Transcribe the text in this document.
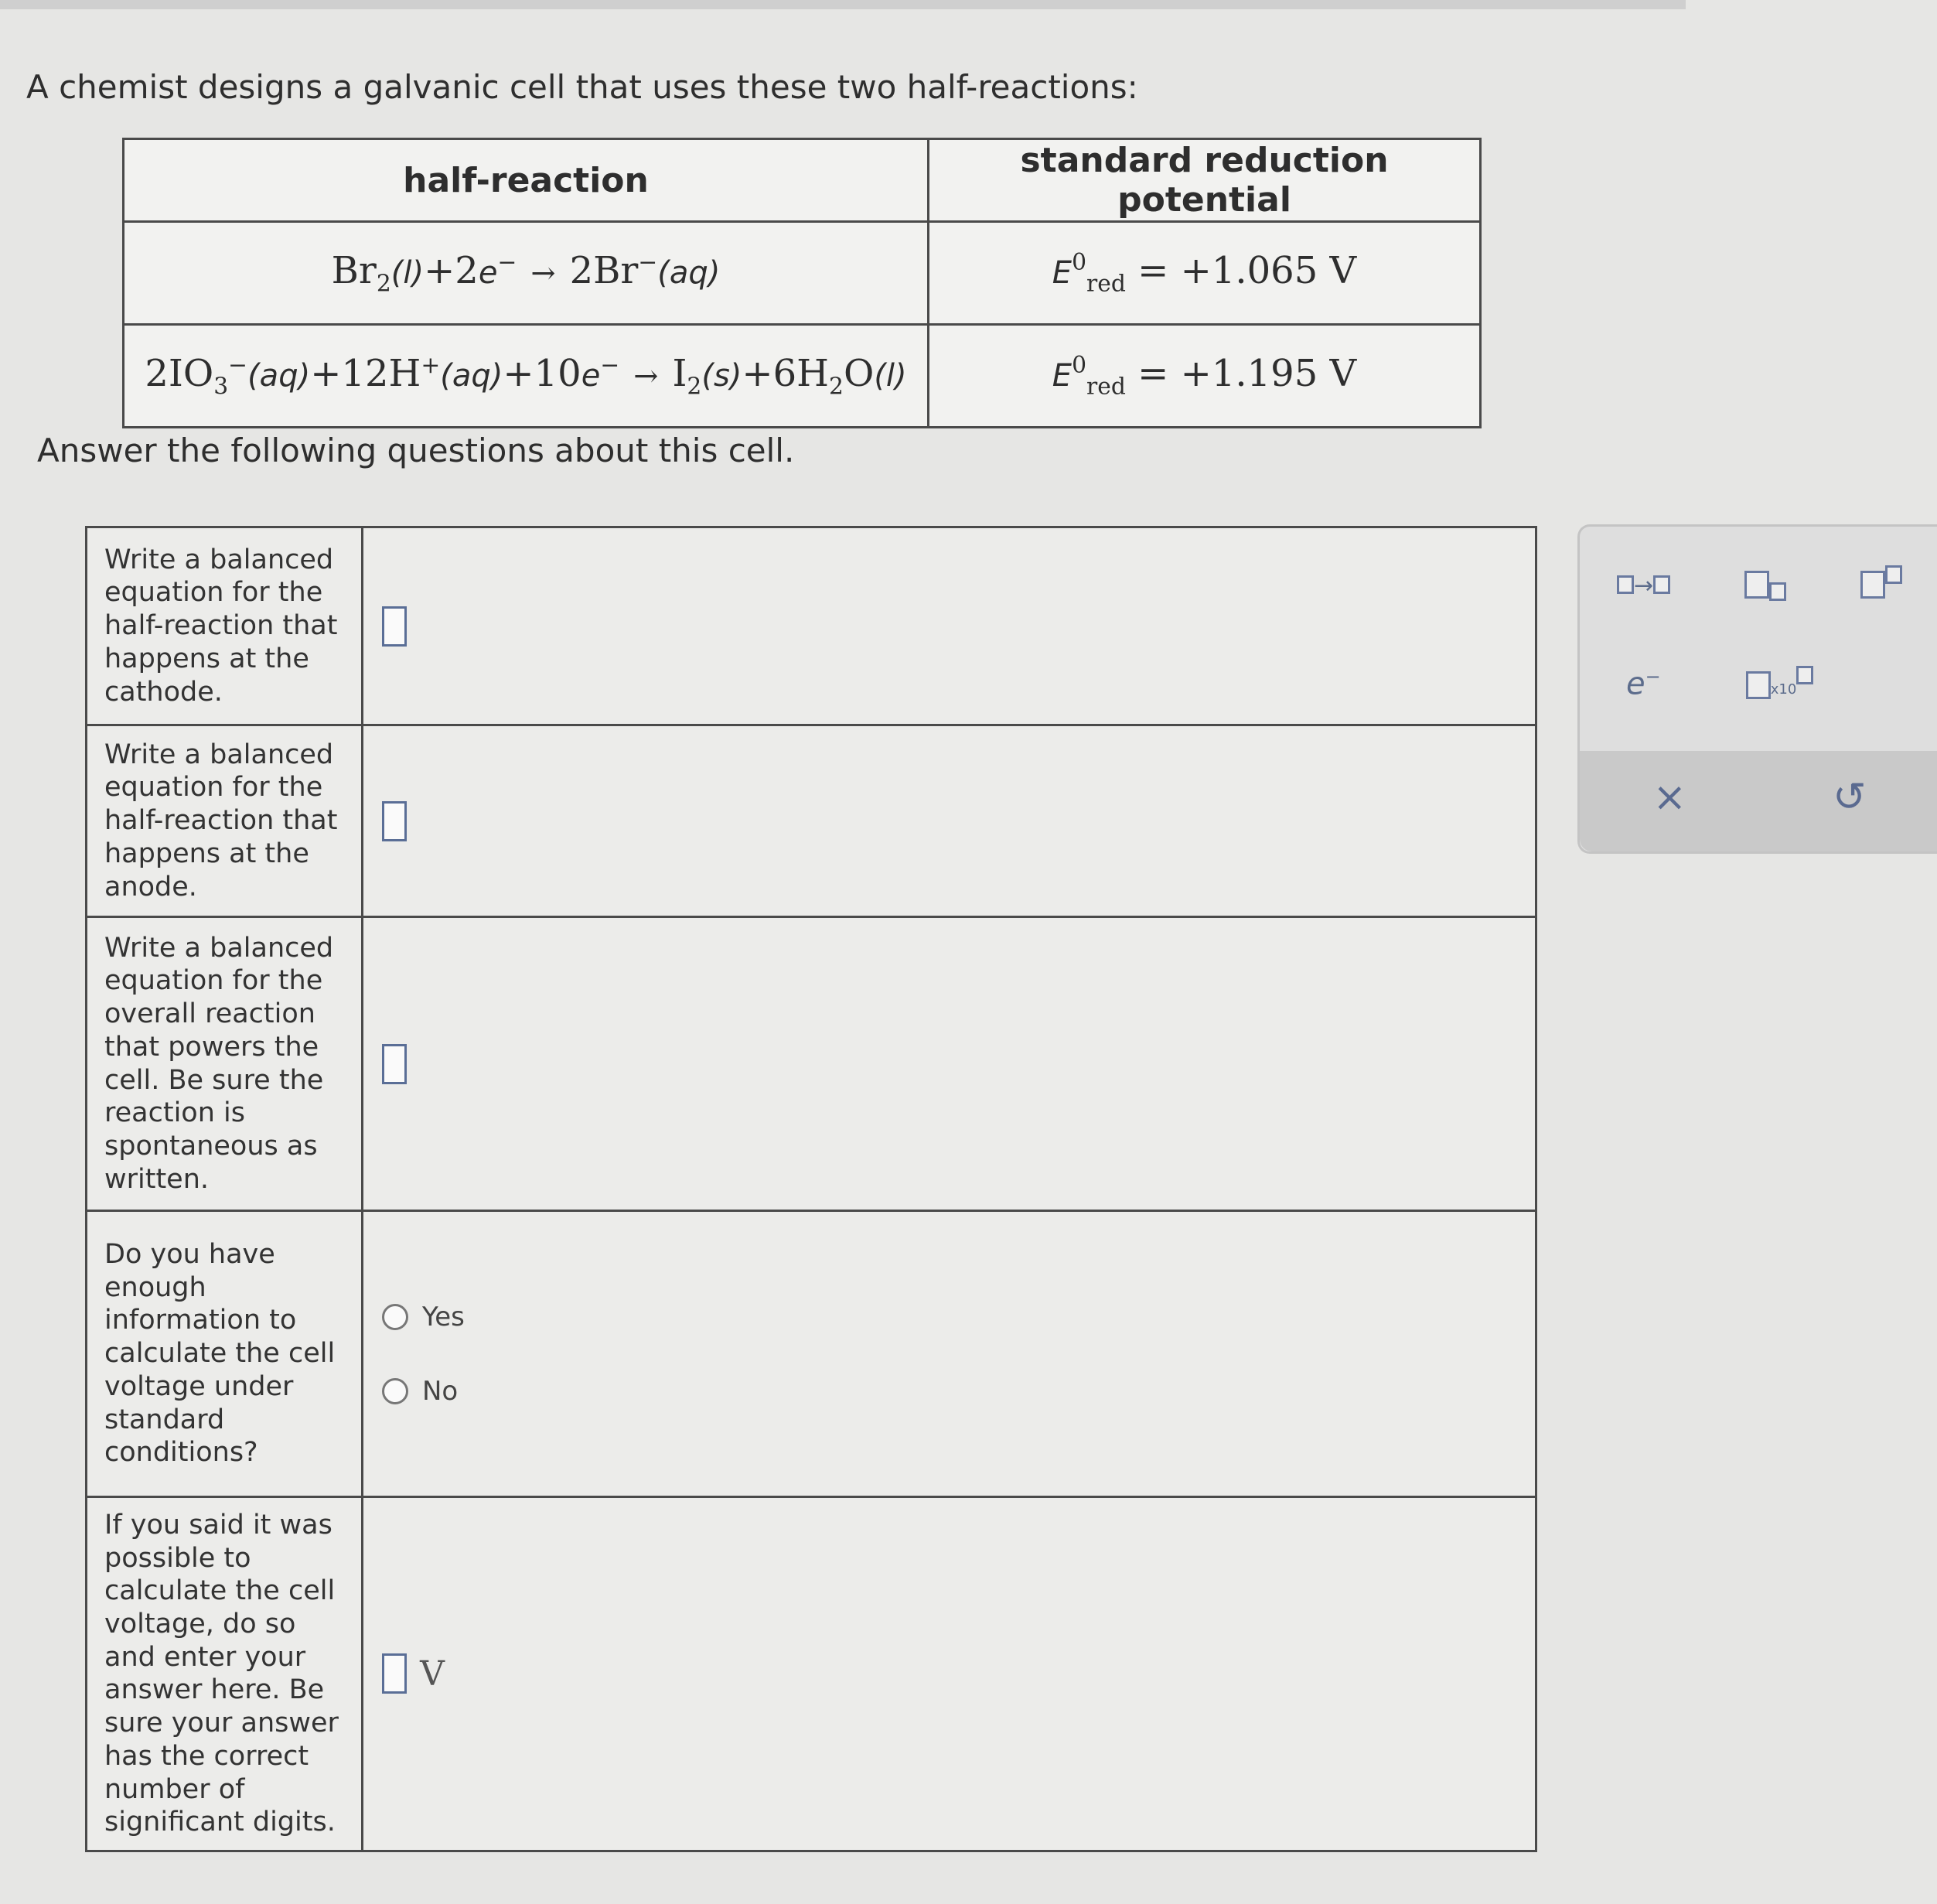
A chemist designs a galvanic cell that uses these two half-reactions:
half-reaction	standard reduction potential
$Br_2(l)+2e^- \to 2Br^-(aq)$	$E^0_{red} = +1.065$ V
$2IO_3^-(aq)+12H^+(aq)+10e^- \to I_2(s)+6H_2O(l)$	$E^0_{red} = +1.195$ V
Answer the following questions about this cell.
Write a balanced equation for the half-reaction that happens at the cathode.	
Write a balanced equation for the half-reaction that happens at the anode.	
Write a balanced equation for the overall reaction that powers the cell. Be sure the reaction is spontaneous as written.	
Do you have enough information to calculate the cell voltage under standard conditions?	Yes
No

If you said it was possible to calculate the cell voltage, do so and enter your answer here. Be sure your answer has the correct number of significant digits.	V
→
e−
x10
×	↺
